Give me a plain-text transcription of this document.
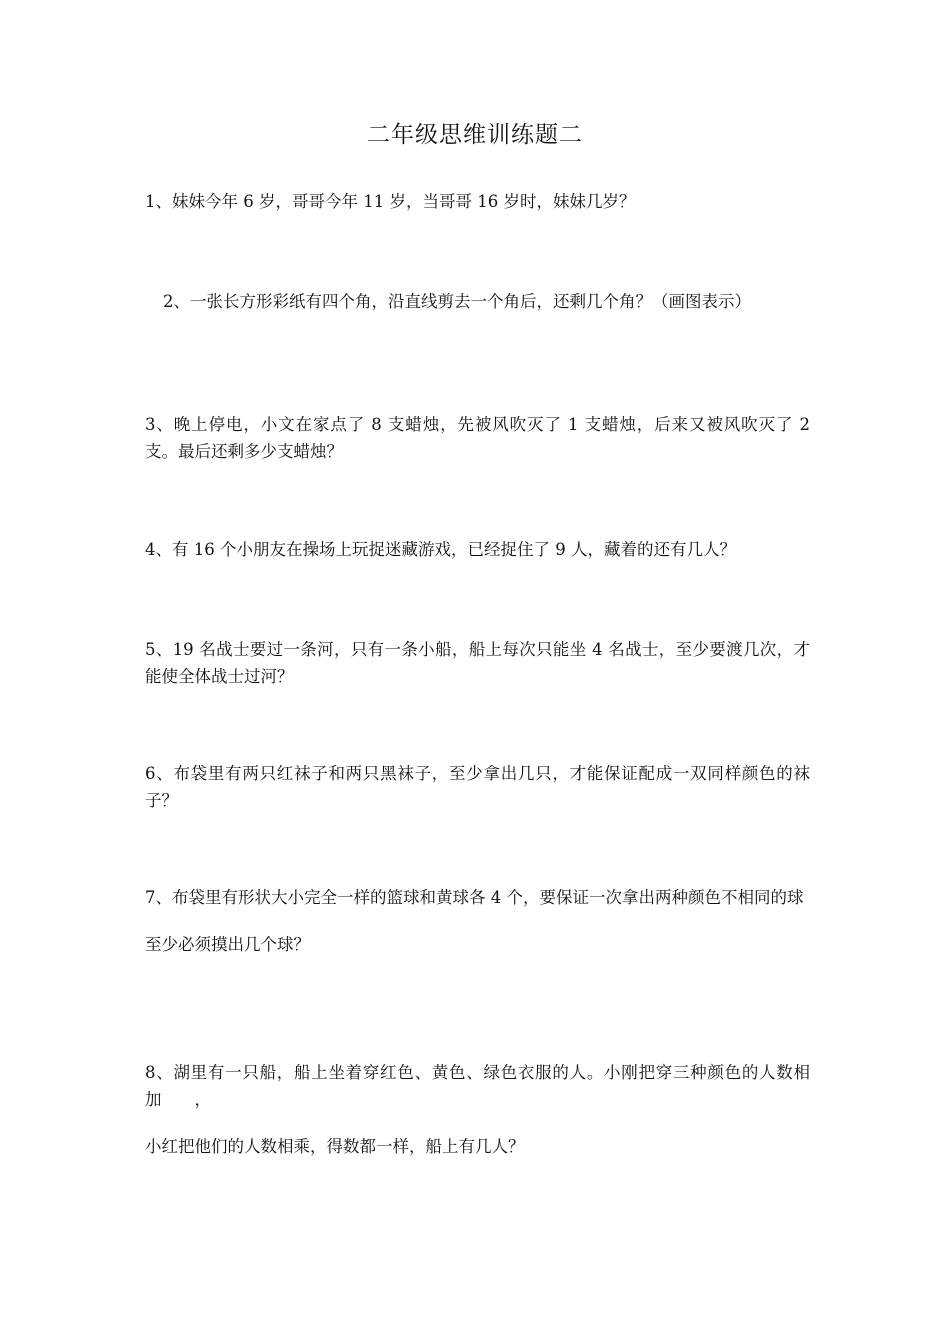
二年级思维训练题二

1、妹妹今年 6 岁，哥哥今年 11 岁，当哥哥 16 岁时，妹妹几岁？

2、一张长方形彩纸有四个角，沿直线剪去一个角后，还剩几个角？（画图表示）

3、晚上停电，小文在家点了 8 支蜡烛，先被风吹灭了 1 支蜡烛，后来又被风吹灭了 2 支。最后还剩多少支蜡烛？

4、有 16 个小朋友在操场上玩捉迷藏游戏，已经捉住了 9 人，藏着的还有几人？

5、19 名战士要过一条河，只有一条小船，船上每次只能坐 4 名战士，至少要渡几次，才能使全体战士过河？

6、布袋里有两只红袜子和两只黑袜子，至少拿出几只，才能保证配成一双同样颜色的袜子？

7、布袋里有形状大小完全一样的篮球和黄球各 4 个，要保证一次拿出两种颜色不相同的球

至少必须摸出几个球？

8、湖里有一只船，船上坐着穿红色、黄色、绿色衣服的人。小刚把穿三种颜色的人数相加　　，

小红把他们的人数相乘，得数都一样，船上有几人？
